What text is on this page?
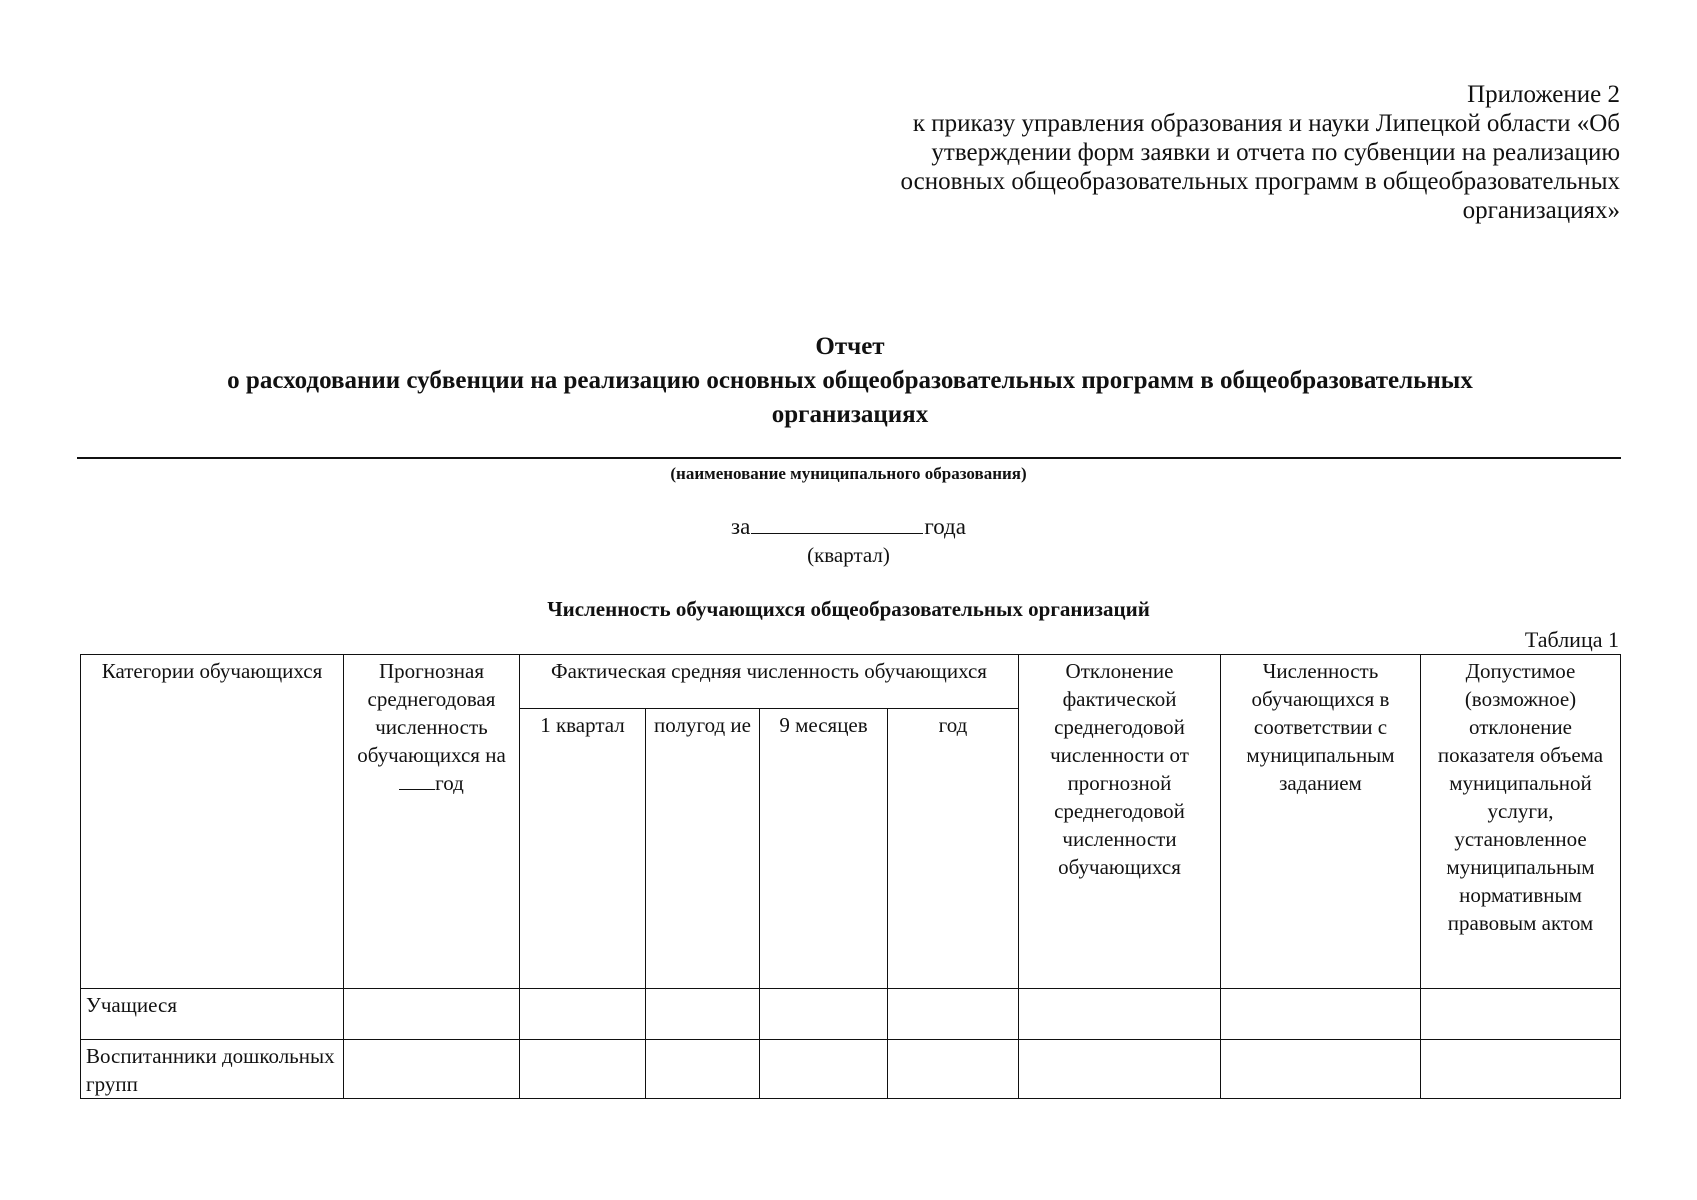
Приложение 2
к приказу управления образования и науки Липецкой области «Об
утверждении форм заявки и отчета по субвенции на реализацию
основных общеобразовательных программ в общеобразовательных
организациях»
Отчет
о расходовании субвенции на реализацию основных общеобразовательных программ в общеобразовательных
организациях
(наименование муниципального образования)
за	года
(квартал)
Численность обучающихся общеобразовательных организаций
Таблица 1
Категории обучающихся	Прогнозная среднегодовая численность обучающихся нагод	Фактическая средняя численность обучающихся				Отклонение фактической среднегодовой численности от прогнозной среднегодовой численности обучающихся	Численность обучающихся в соответствии с муниципальным заданием	Допустимое (возможное) отклонение показателя объема муниципальной услуги, установленное муниципальным нормативным правовым актом
		1 квартал	полугод ие	9 месяцев	год			
Учащиеся								
Воспитанники дошкольных групп								
